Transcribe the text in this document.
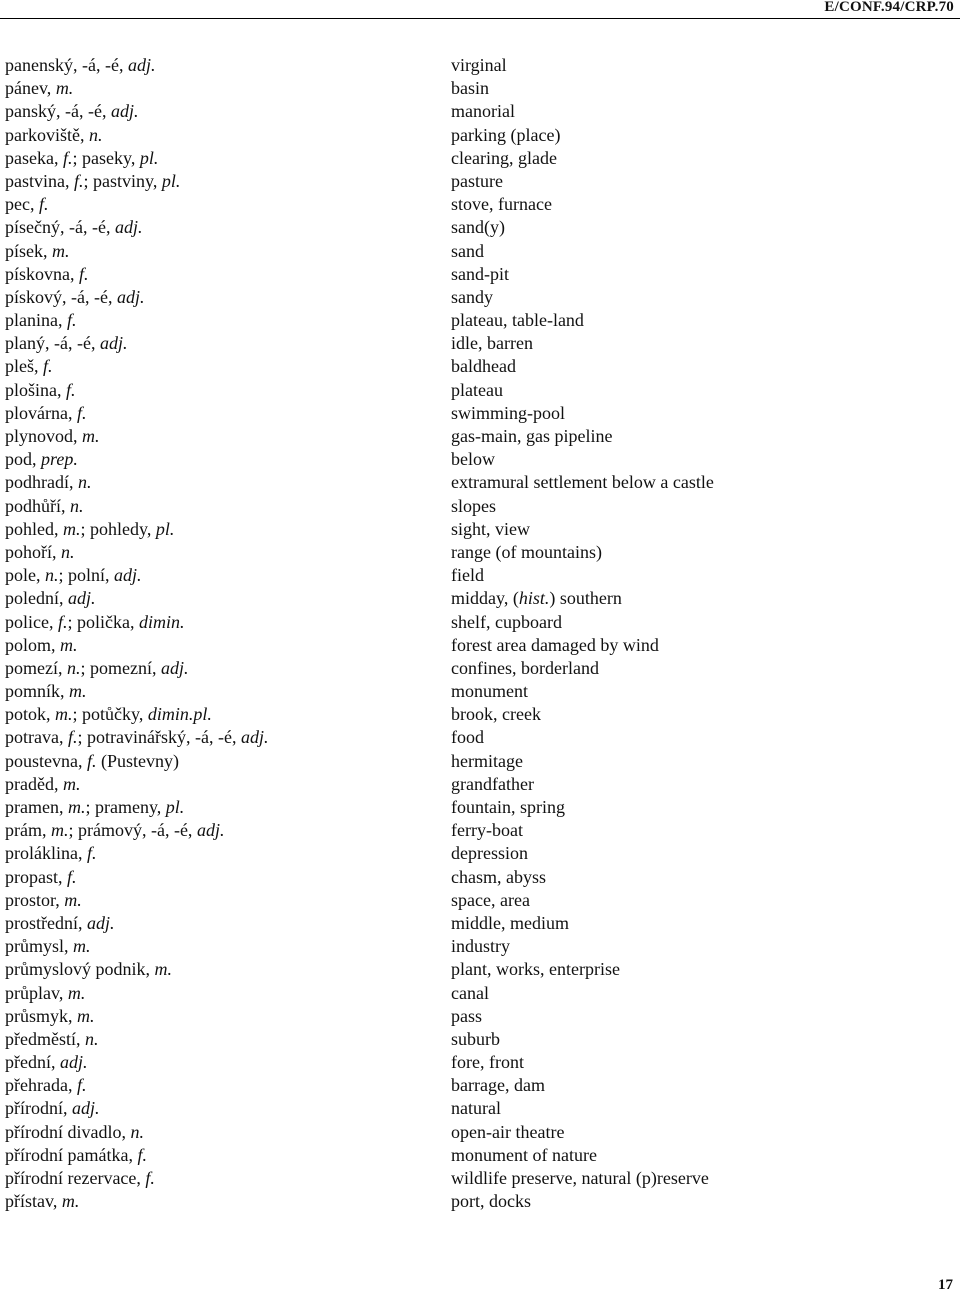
E/CONF.94/CRP.70
panenský, -á, -é, adj.	virginal
pánev, m.	basin
panský, -á, -é, adj.	manorial
parkoviště, n.	parking (place)
paseka, f.; paseky, pl.	clearing, glade
pastvina, f.; pastviny, pl.	pasture
pec, f.	stove, furnace
písečný, -á, -é, adj.	sand(y)
písek, m.	sand
pískovna, f.	sand-pit
pískový, -á, -é, adj.	sandy
planina, f.	plateau, table-land
planý, -á, -é, adj.	idle, barren
pleš, f.	baldhead
plošina, f.	plateau
plovárna, f.	swimming-pool
plynovod, m.	gas-main, gas pipeline
pod, prep.	below
podhradí, n.	extramural settlement below a castle
podhůří, n.	slopes
pohled, m.; pohledy, pl.	sight, view
pohoří, n.	range (of mountains)
pole, n.; polní, adj.	field
polední, adj.	midday, (hist.) southern
police, f.; polička, dimin.	shelf, cupboard
polom, m.	forest area damaged by wind
pomezí, n.; pomezní, adj.	confines, borderland
pomník, m.	monument
potok, m.; potůčky, dimin.pl.	brook, creek
potrava, f.; potravinářský, -á, -é, adj.	food
poustevna, f. (Pustevny)	hermitage
praděd, m.	grandfather
pramen, m.; prameny, pl.	fountain, spring
prám, m.; prámový, -á, -é, adj.	ferry-boat
proláklina, f.	depression
propast, f.	chasm, abyss
prostor, m.	space, area
prostřední, adj.	middle, medium
průmysl, m.	industry
průmyslový podnik, m.	plant, works, enterprise
průplav, m.	canal
průsmyk, m.	pass
předměstí, n.	suburb
přední, adj.	fore, front
přehrada, f.	barrage, dam
přírodní, adj.	natural
přírodní divadlo, n.	open-air theatre
přírodní památka, f.	monument of nature
přírodní rezervace, f.	wildlife preserve, natural (p)reserve
přístav, m.	port, docks
17
